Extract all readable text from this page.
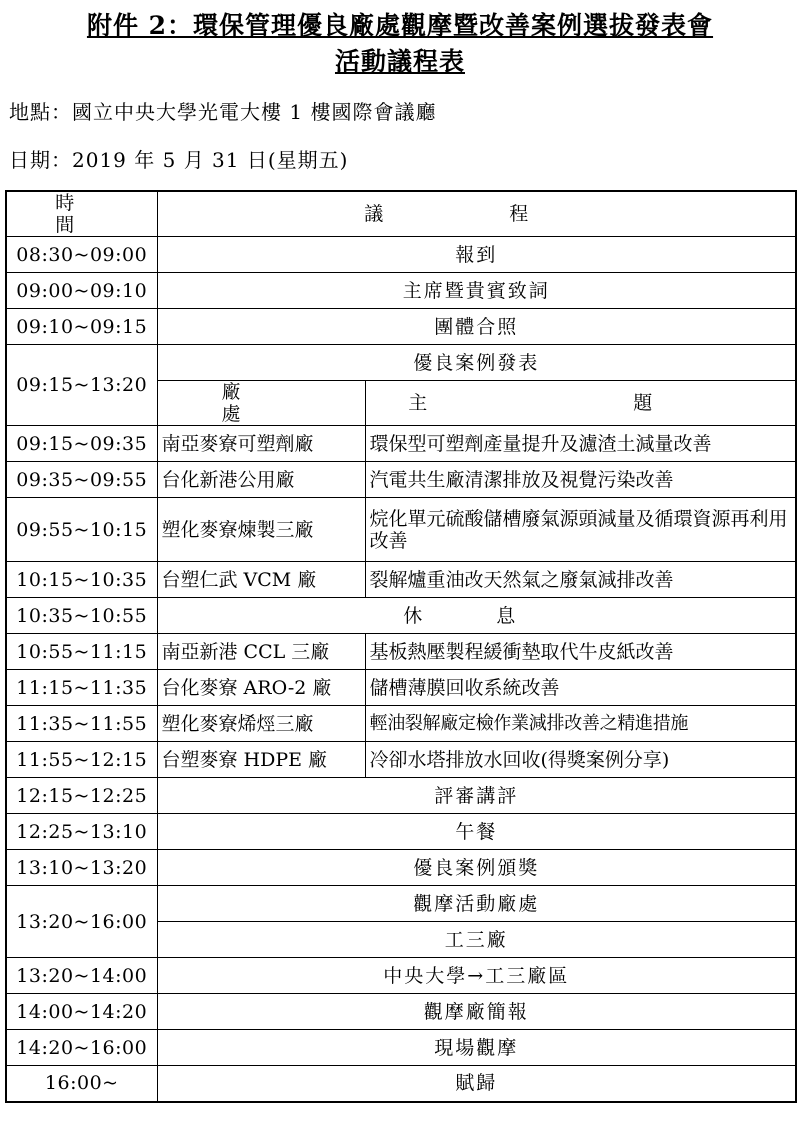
附件 2：環保管理優良廠處觀摩暨改善案例選拔發表會
活動議程表
地點：國立中央大學光電大樓 1 樓國際會議廳
日期：2019 年 5 月 31 日(星期五)
時 間	議 程	
08:30~09:00	報到	
09:00~09:10	主席暨貴賓致詞	
09:10~09:15	團體合照	
09:15~13:20	優良案例發表	
	廠 處	主 題
09:15~09:35	南亞麥寮可塑劑廠	環保型可塑劑產量提升及濾渣土減量改善
09:35~09:55	台化新港公用廠	汽電共生廠清潔排放及視覺污染改善
09:55~10:15	塑化麥寮煉製三廠	烷化單元硫酸儲槽廢氣源頭減量及循環資源再利用改善
10:15~10:35	台塑仁武 VCM 廠	裂解爐重油改天然氣之廢氣減排改善
10:35~10:55	休 息	
10:55~11:15	南亞新港 CCL 三廠	基板熱壓製程緩衝墊取代牛皮紙改善
11:15~11:35	台化麥寮 ARO-2 廠	儲槽薄膜回收系統改善
11:35~11:55	塑化麥寮烯烴三廠	輕油裂解廠定檢作業減排改善之精進措施
11:55~12:15	台塑麥寮 HDPE 廠	冷卻水塔排放水回收(得獎案例分享)
12:15~12:25	評審講評	
12:25~13:10	午餐	
13:10~13:20	優良案例頒獎	
13:20~16:00	觀摩活動廠處	
	工三廠	
13:20~14:00	中央大學→工三廠區	
14:00~14:20	觀摩廠簡報	
14:20~16:00	現場觀摩	
16:00~	賦歸	
